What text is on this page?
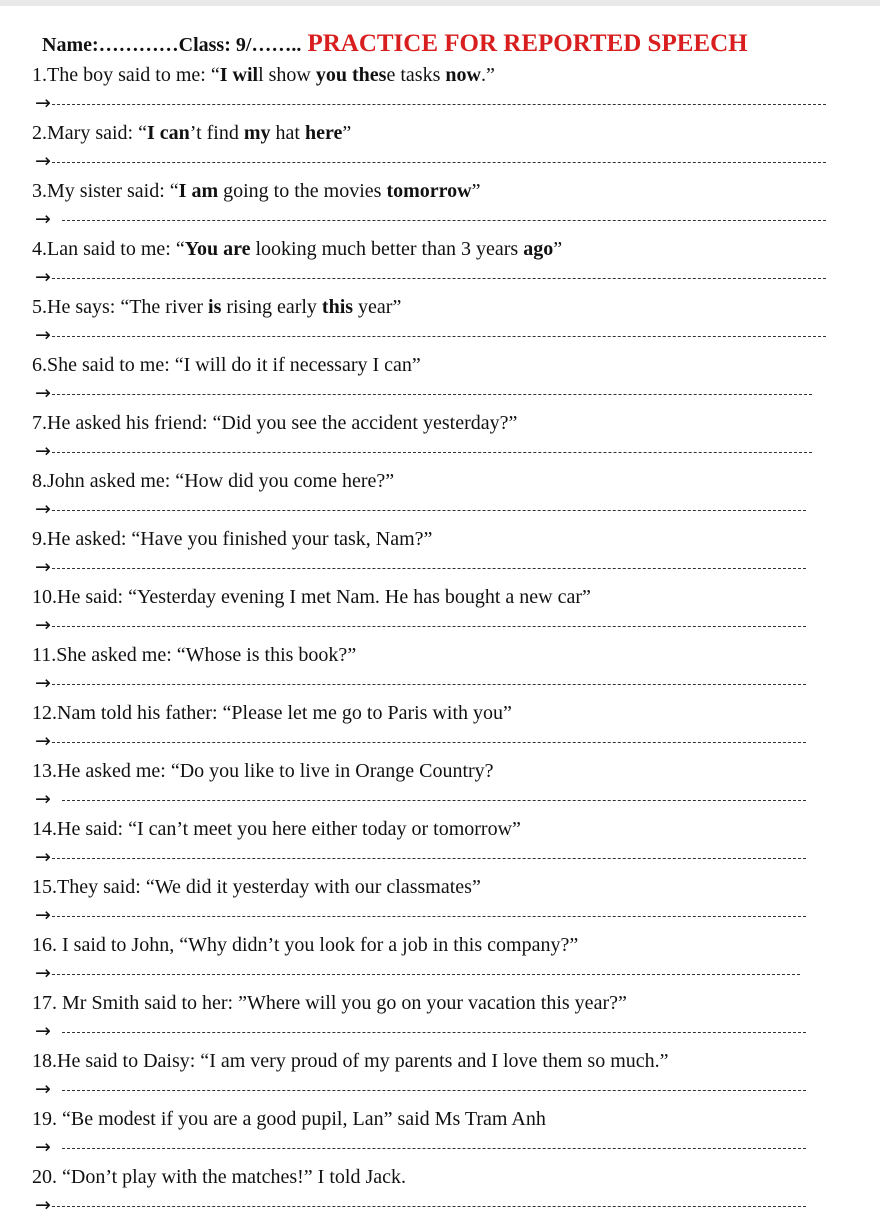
Name:…………Class: 9/…….. PRACTICE FOR REPORTED SPEECH
1.The boy said to me: “I will show you these tasks now.”
→
2.Mary said: “I can’t find my hat here”
→
3.My sister said: “I am going to the movies tomorrow”
→
4.Lan said to me: “You are looking much better than 3 years ago”
→
5.He says: “The river is rising early this year”
→
6.She said to me: “I will do it if necessary I can”
→
7.He asked his friend: “Did you see the accident yesterday?”
→
8.John asked me: “How did you come here?”
→
9.He asked: “Have you finished your task, Nam?”
→
10.He said: “Yesterday evening I met Nam. He has bought a new car”
→
11.She asked me: “Whose is this book?”
→
12.Nam told his father: “Please let me go to Paris with you”
→
13.He asked me: “Do you like to live in Orange Country?
→
14.He said: “I can’t meet you here either today or tomorrow”
→
15.They said: “We did it yesterday with our classmates”
→
16. I said to John, “Why didn’t you look for a job in this company?”
→
17. Mr Smith said to her: ”Where will you go on your vacation this year?”
→
18.He said to Daisy: “I am very proud of my parents and I love them so much.”
→
19. “Be modest if you are a good pupil, Lan” said Ms Tram Anh
→
20. “Don’t play with the matches!” I told Jack.
→
